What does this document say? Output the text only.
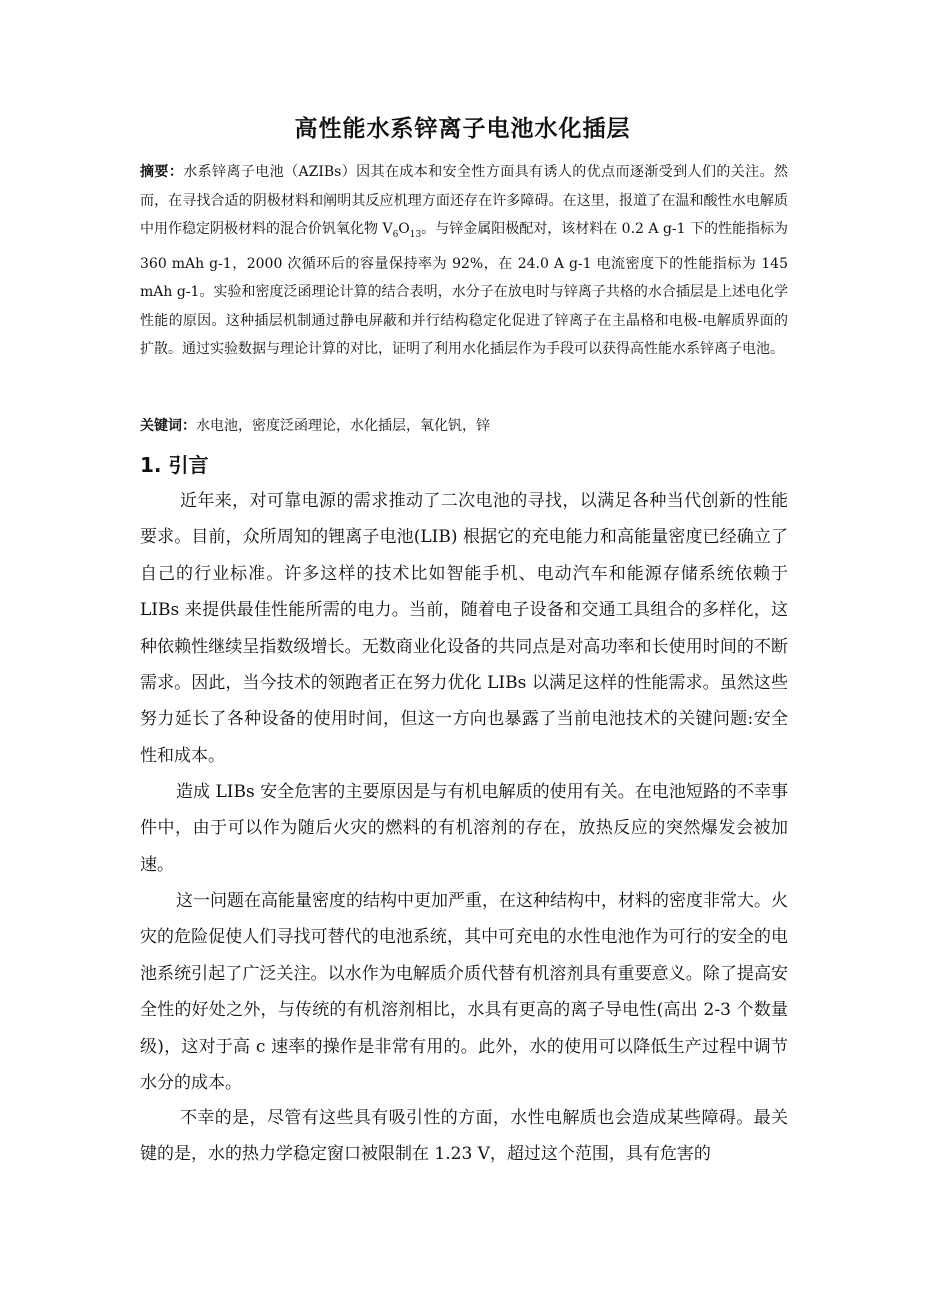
高性能水系锌离子电池水化插层
摘要：水系锌离子电池（AZIBs）因其在成本和安全性方面具有诱人的优点而逐渐受到人们的关注。然而，在寻找合适的阴极材料和阐明其反应机理方面还存在许多障碍。在这里，报道了在温和酸性水电解质中用作稳定阴极材料的混合价钒氧化物 $V_6O_{13}$。与锌金属阳极配对，该材料在 0.2 A g-1 下的性能指标为 360 mAh g-1，2000 次循环后的容量保持率为 92%，在 24.0 A g-1 电流密度下的性能指标为 145 mAh g-1。实验和密度泛函理论计算的结合表明，水分子在放电时与锌离子共格的水合插层是上述电化学性能的原因。这种插层机制通过静电屏蔽和并行结构稳定化促进了锌离子在主晶格和电极-电解质界面的扩散。通过实验数据与理论计算的对比，证明了利用水化插层作为手段可以获得高性能水系锌离子电池。
关键词：水电池，密度泛函理论，水化插层，氧化钒，锌
1. 引言

近年来，对可靠电源的需求推动了二次电池的寻找，以满足各种当代创新的性能要求。目前，众所周知的锂离子电池(LIB) 根据它的充电能力和高能量密度已经确立了自己的行业标准。许多这样的技术比如智能手机、电动汽车和能源存储系统依赖于 LIBs 来提供最佳性能所需的电力。当前，随着电子设备和交通工具组合的多样化，这种依赖性继续呈指数级增长。无数商业化设备的共同点是对高功率和长使用时间的不断需求。因此，当今技术的领跑者正在努力优化 LIBs 以满足这样的性能需求。虽然这些努力延长了各种设备的使用时间，但这一方向也暴露了当前电池技术的关键问题:安全性和成本。

造成 LIBs 安全危害的主要原因是与有机电解质的使用有关。在电池短路的不幸事件中，由于可以作为随后火灾的燃料的有机溶剂的存在，放热反应的突然爆发会被加速。

这一问题在高能量密度的结构中更加严重，在这种结构中，材料的密度非常大。火灾的危险促使人们寻找可替代的电池系统，其中可充电的水性电池作为可行的安全的电池系统引起了广泛关注。以水作为电解质介质代替有机溶剂具有重要意义。除了提高安全性的好处之外，与传统的有机溶剂相比，水具有更高的离子导电性(高出 2-3 个数量级)，这对于高 c 速率的操作是非常有用的。此外，水的使用可以降低生产过程中调节水分的成本。

不幸的是，尽管有这些具有吸引性的方面，水性电解质也会造成某些障碍。最关键的是，水的热力学稳定窗口被限制在 1.23 V，超过这个范围，具有危害的
